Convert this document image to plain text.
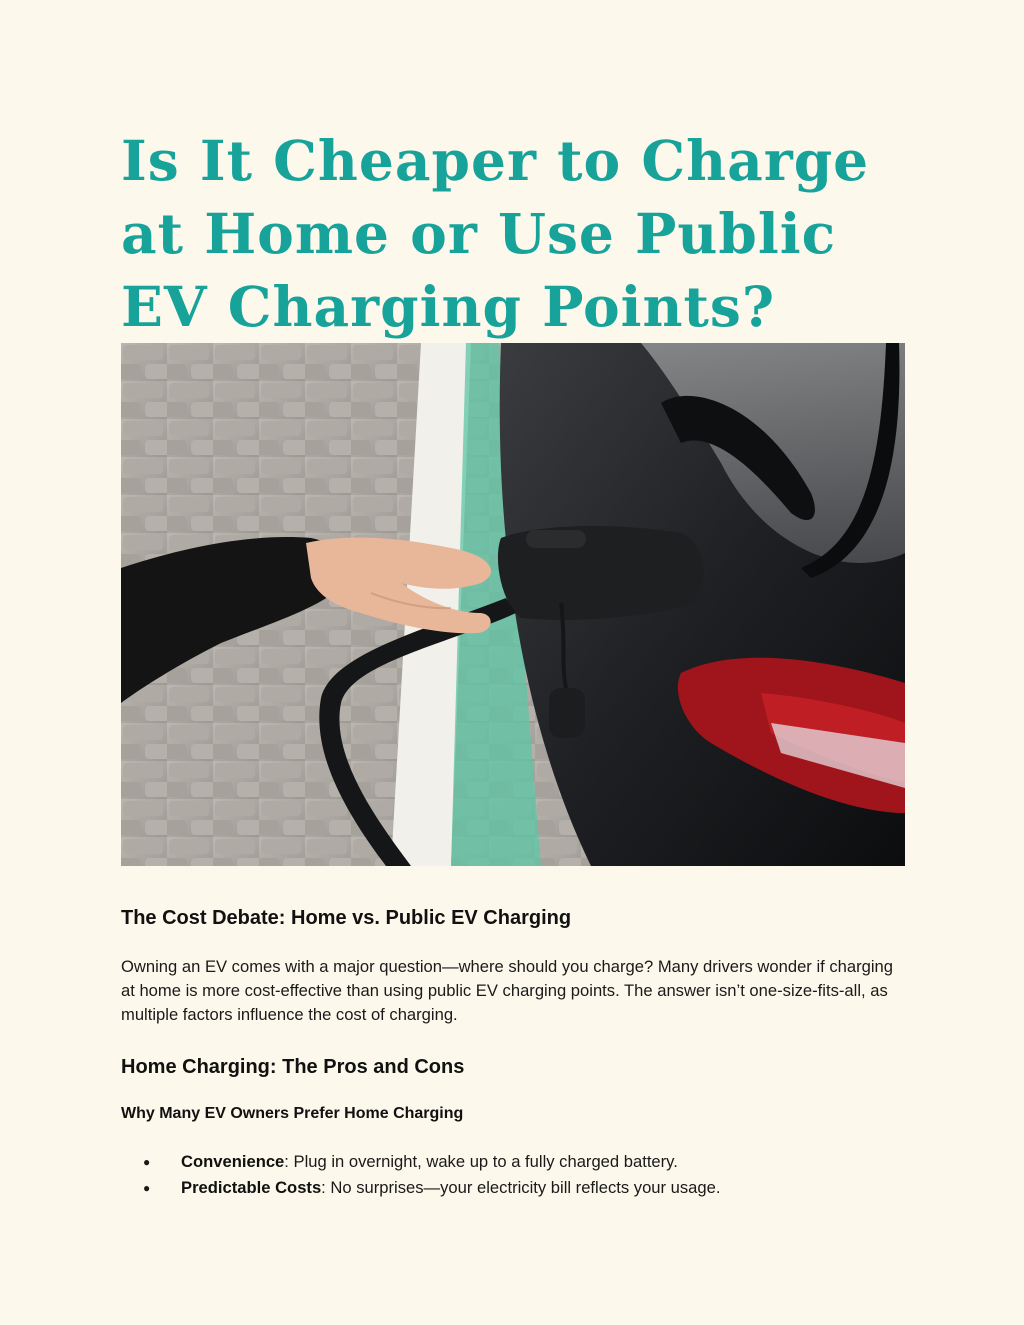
Is It Cheaper to Charge at Home or Use Public EV Charging Points?
The Cost Debate: Home vs. Public EV Charging

Owning an EV comes with a major question—where should you charge? Many drivers wonder if charging at home is more cost-effective than using public EV charging points. The answer isn’t one-size-fits-all, as multiple factors influence the cost of charging.

Home Charging: The Pros and Cons
Why Many EV Owners Prefer Home Charging
● Convenience: Plug in overnight, wake up to a fully charged battery.
● Predictable Costs: No surprises—your electricity bill reflects your usage.
